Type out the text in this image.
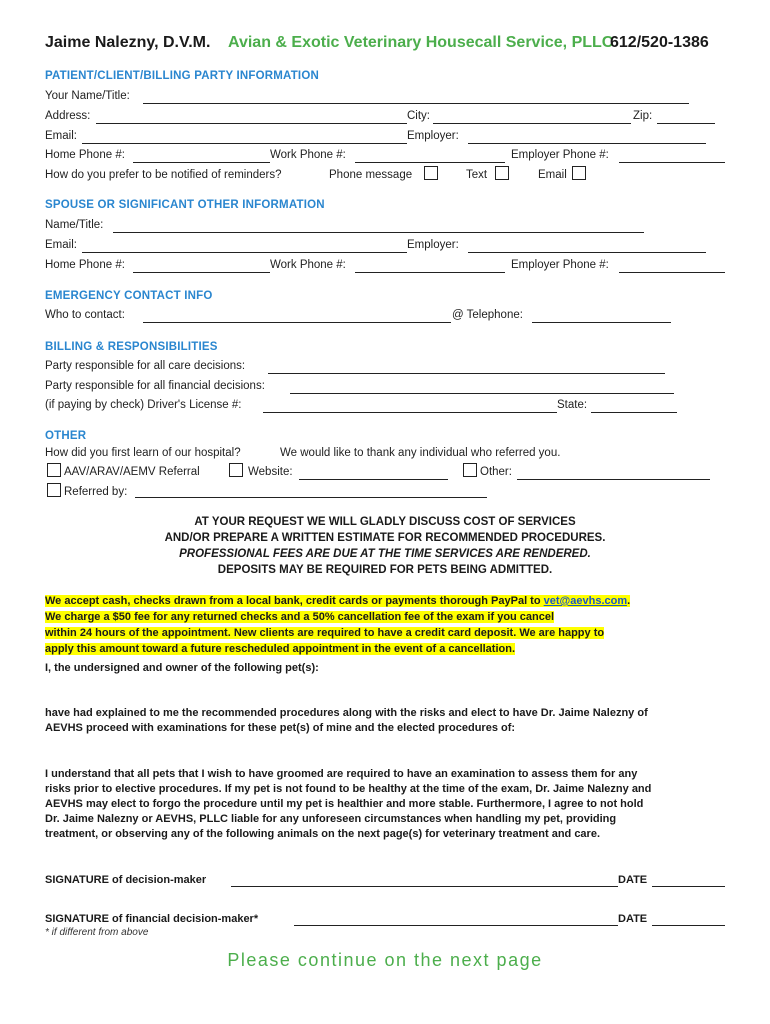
Jaime Nalezny, D.V.M. Avian & Exotic Veterinary Housecall Service, PLLC
612/520-1386
PATIENT/CLIENT/BILLING PARTY INFORMATION
Your Name/Title:
Address:	City:	Zip:
Email:	Employer:
Home Phone #:	Work Phone #:	Employer Phone #:
How do you prefer to be notified of reminders?	Phone message	Text	Email
SPOUSE OR SIGNIFICANT OTHER INFORMATION
Name/Title:
Email:	Employer:
Home Phone #:	Work Phone #:	Employer Phone #:
EMERGENCY CONTACT INFO
Who to contact:	@ Telephone:
BILLING & RESPONSIBILITIES
Party responsible for all care decisions:
Party responsible for all financial decisions:
(if paying by check) Driver's License #:	State:
OTHER
How did you first learn of our hospital?	We would like to thank any individual who referred you.
AAV/ARAV/AEMV Referral	Website:	Other:
Referred by:
AT YOUR REQUEST WE WILL GLADLY DISCUSS COST OF SERVICES
AND/OR PREPARE A WRITTEN ESTIMATE FOR RECOMMENDED PROCEDURES.
PROFESSIONAL FEES ARE DUE AT THE TIME SERVICES ARE RENDERED.
DEPOSITS MAY BE REQUIRED FOR PETS BEING ADMITTED.
We accept cash, checks drawn from a local bank, credit cards or payments thorough PayPal to vet@aevhs.com.
We charge a $50 fee for any returned checks and a 50% cancellation fee of the exam if you cancel
within 24 hours of the appointment. New clients are required to have a credit card deposit. We are happy to
apply this amount toward a future rescheduled appointment in the event of a cancellation.
I, the undersigned and owner of the following pet(s):
have had explained to me the recommended procedures along with the risks and elect to have Dr. Jaime Nalezny of
AEVHS proceed with examinations for these pet(s) of mine and the elected procedures of:
I understand that all pets that I wish to have groomed are required to have an examination to assess them for any
risks prior to elective procedures. If my pet is not found to be healthy at the time of the exam, Dr. Jaime Nalezny and
AEVHS may elect to forgo the procedure until my pet is healthier and more stable. Furthermore, I agree to not hold
Dr. Jaime Nalezny or AEVHS, PLLC liable for any unforeseen circumstances when handling my pet, providing
treatment, or observing any of the following animals on the next page(s) for veterinary treatment and care.
SIGNATURE of decision-maker	DATE
SIGNATURE of financial decision-maker*	DATE
* if different from above
Please continue on the next page
